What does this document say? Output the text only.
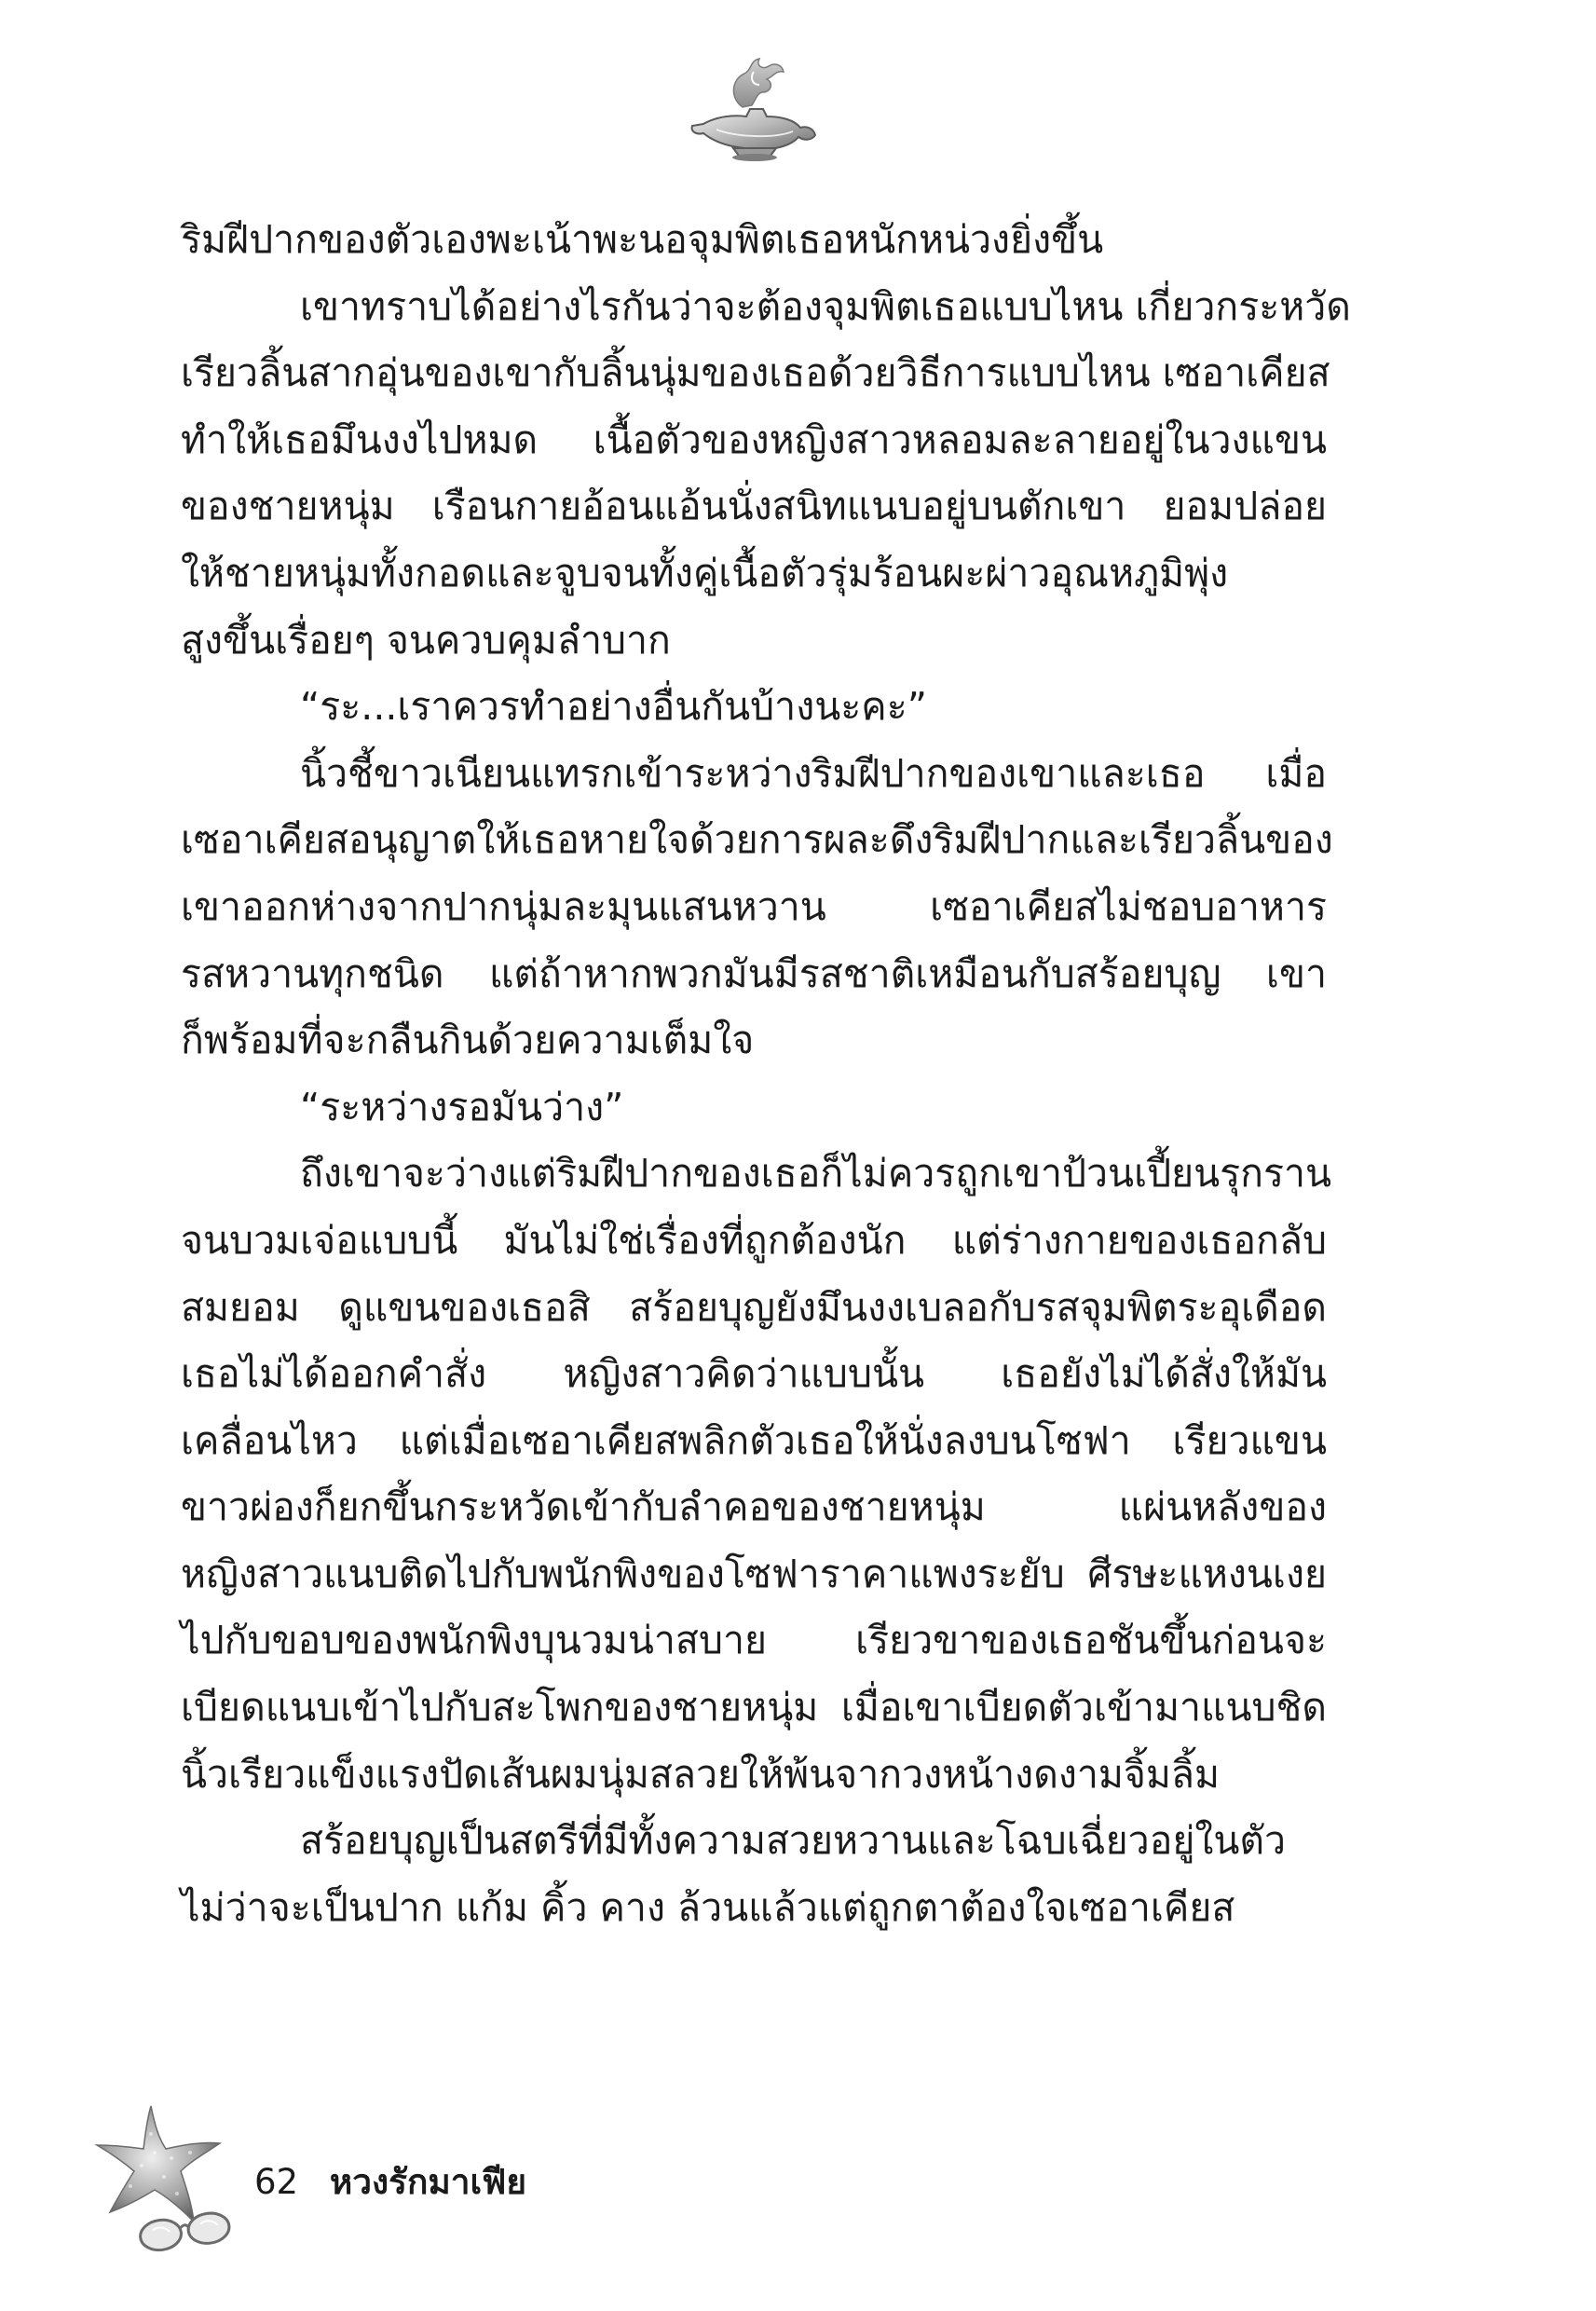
ริมฝีปากของตัวเองพะเน้าพะนอจุมพิตเธอหนักหน่วงยิ่งขึ้น
เขาทราบได้อย่างไรกันว่าจะต้องจุมพิตเธอแบบไหน เกี่ยวกระหวัด
เรียวลิ้นสากอุ่นของเขากับลิ้นนุ่มของเธอด้วยวิธีการแบบไหน เซอาเคียส
ทำให้เธอมึนงงไปหมด เนื้อตัวของหญิงสาวหลอมละลายอยู่ในวงแขน
ของชายหนุ่ม เรือนกายอ้อนแอ้นนั่งสนิทแนบอยู่บนตักเขา ยอมปล่อย
ให้ชายหนุ่มทั้งกอดและจูบจนทั้งคู่เนื้อตัวรุ่มร้อนผะผ่าวอุณหภูมิพุ่ง
สูงขึ้นเรื่อยๆ จนควบคุมลำบาก
“ระ...เราควรทำอย่างอื่นกันบ้างนะคะ”
นิ้วชี้ขาวเนียนแทรกเข้าระหว่างริมฝีปากของเขาและเธอ เมื่อ
เซอาเคียสอนุญาตให้เธอหายใจด้วยการผละดึงริมฝีปากและเรียวลิ้นของ
เขาออกห่างจากปากนุ่มละมุนแสนหวาน เซอาเคียสไม่ชอบอาหาร
รสหวานทุกชนิด แต่ถ้าหากพวกมันมีรสชาติเหมือนกับสร้อยบุญ เขา
ก็พร้อมที่จะกลืนกินด้วยความเต็มใจ
“ระหว่างรอมันว่าง”
ถึงเขาจะว่างแต่ริมฝีปากของเธอก็ไม่ควรถูกเขาป้วนเปี้ยนรุกราน
จนบวมเจ่อแบบนี้ มันไม่ใช่เรื่องที่ถูกต้องนัก แต่ร่างกายของเธอกลับ
สมยอม ดูแขนของเธอสิ สร้อยบุญยังมึนงงเบลอกับรสจุมพิตระอุเดือด
เธอไม่ได้ออกคำสั่ง หญิงสาวคิดว่าแบบนั้น เธอยังไม่ได้สั่งให้มัน
เคลื่อนไหว แต่เมื่อเซอาเคียสพลิกตัวเธอให้นั่งลงบนโซฟา เรียวแขน
ขาวผ่องก็ยกขึ้นกระหวัดเข้ากับลำคอของชายหนุ่ม แผ่นหลังของ
หญิงสาวแนบติดไปกับพนักพิงของโซฟาราคาแพงระยับ ศีรษะแหงนเงย
ไปกับขอบของพนักพิงบุนวมน่าสบาย เรียวขาของเธอชันขึ้นก่อนจะ
เบียดแนบเข้าไปกับสะโพกของชายหนุ่ม เมื่อเขาเบียดตัวเข้ามาแนบชิด
นิ้วเรียวแข็งแรงปัดเส้นผมนุ่มสลวยให้พ้นจากวงหน้างดงามจิ้มลิ้ม
สร้อยบุญเป็นสตรีที่มีทั้งความสวยหวานและโฉบเฉี่ยวอยู่ในตัว
ไม่ว่าจะเป็นปาก แก้ม คิ้ว คาง ล้วนแล้วแต่ถูกตาต้องใจเซอาเคียส
62 หวงรักมาเฟีย
